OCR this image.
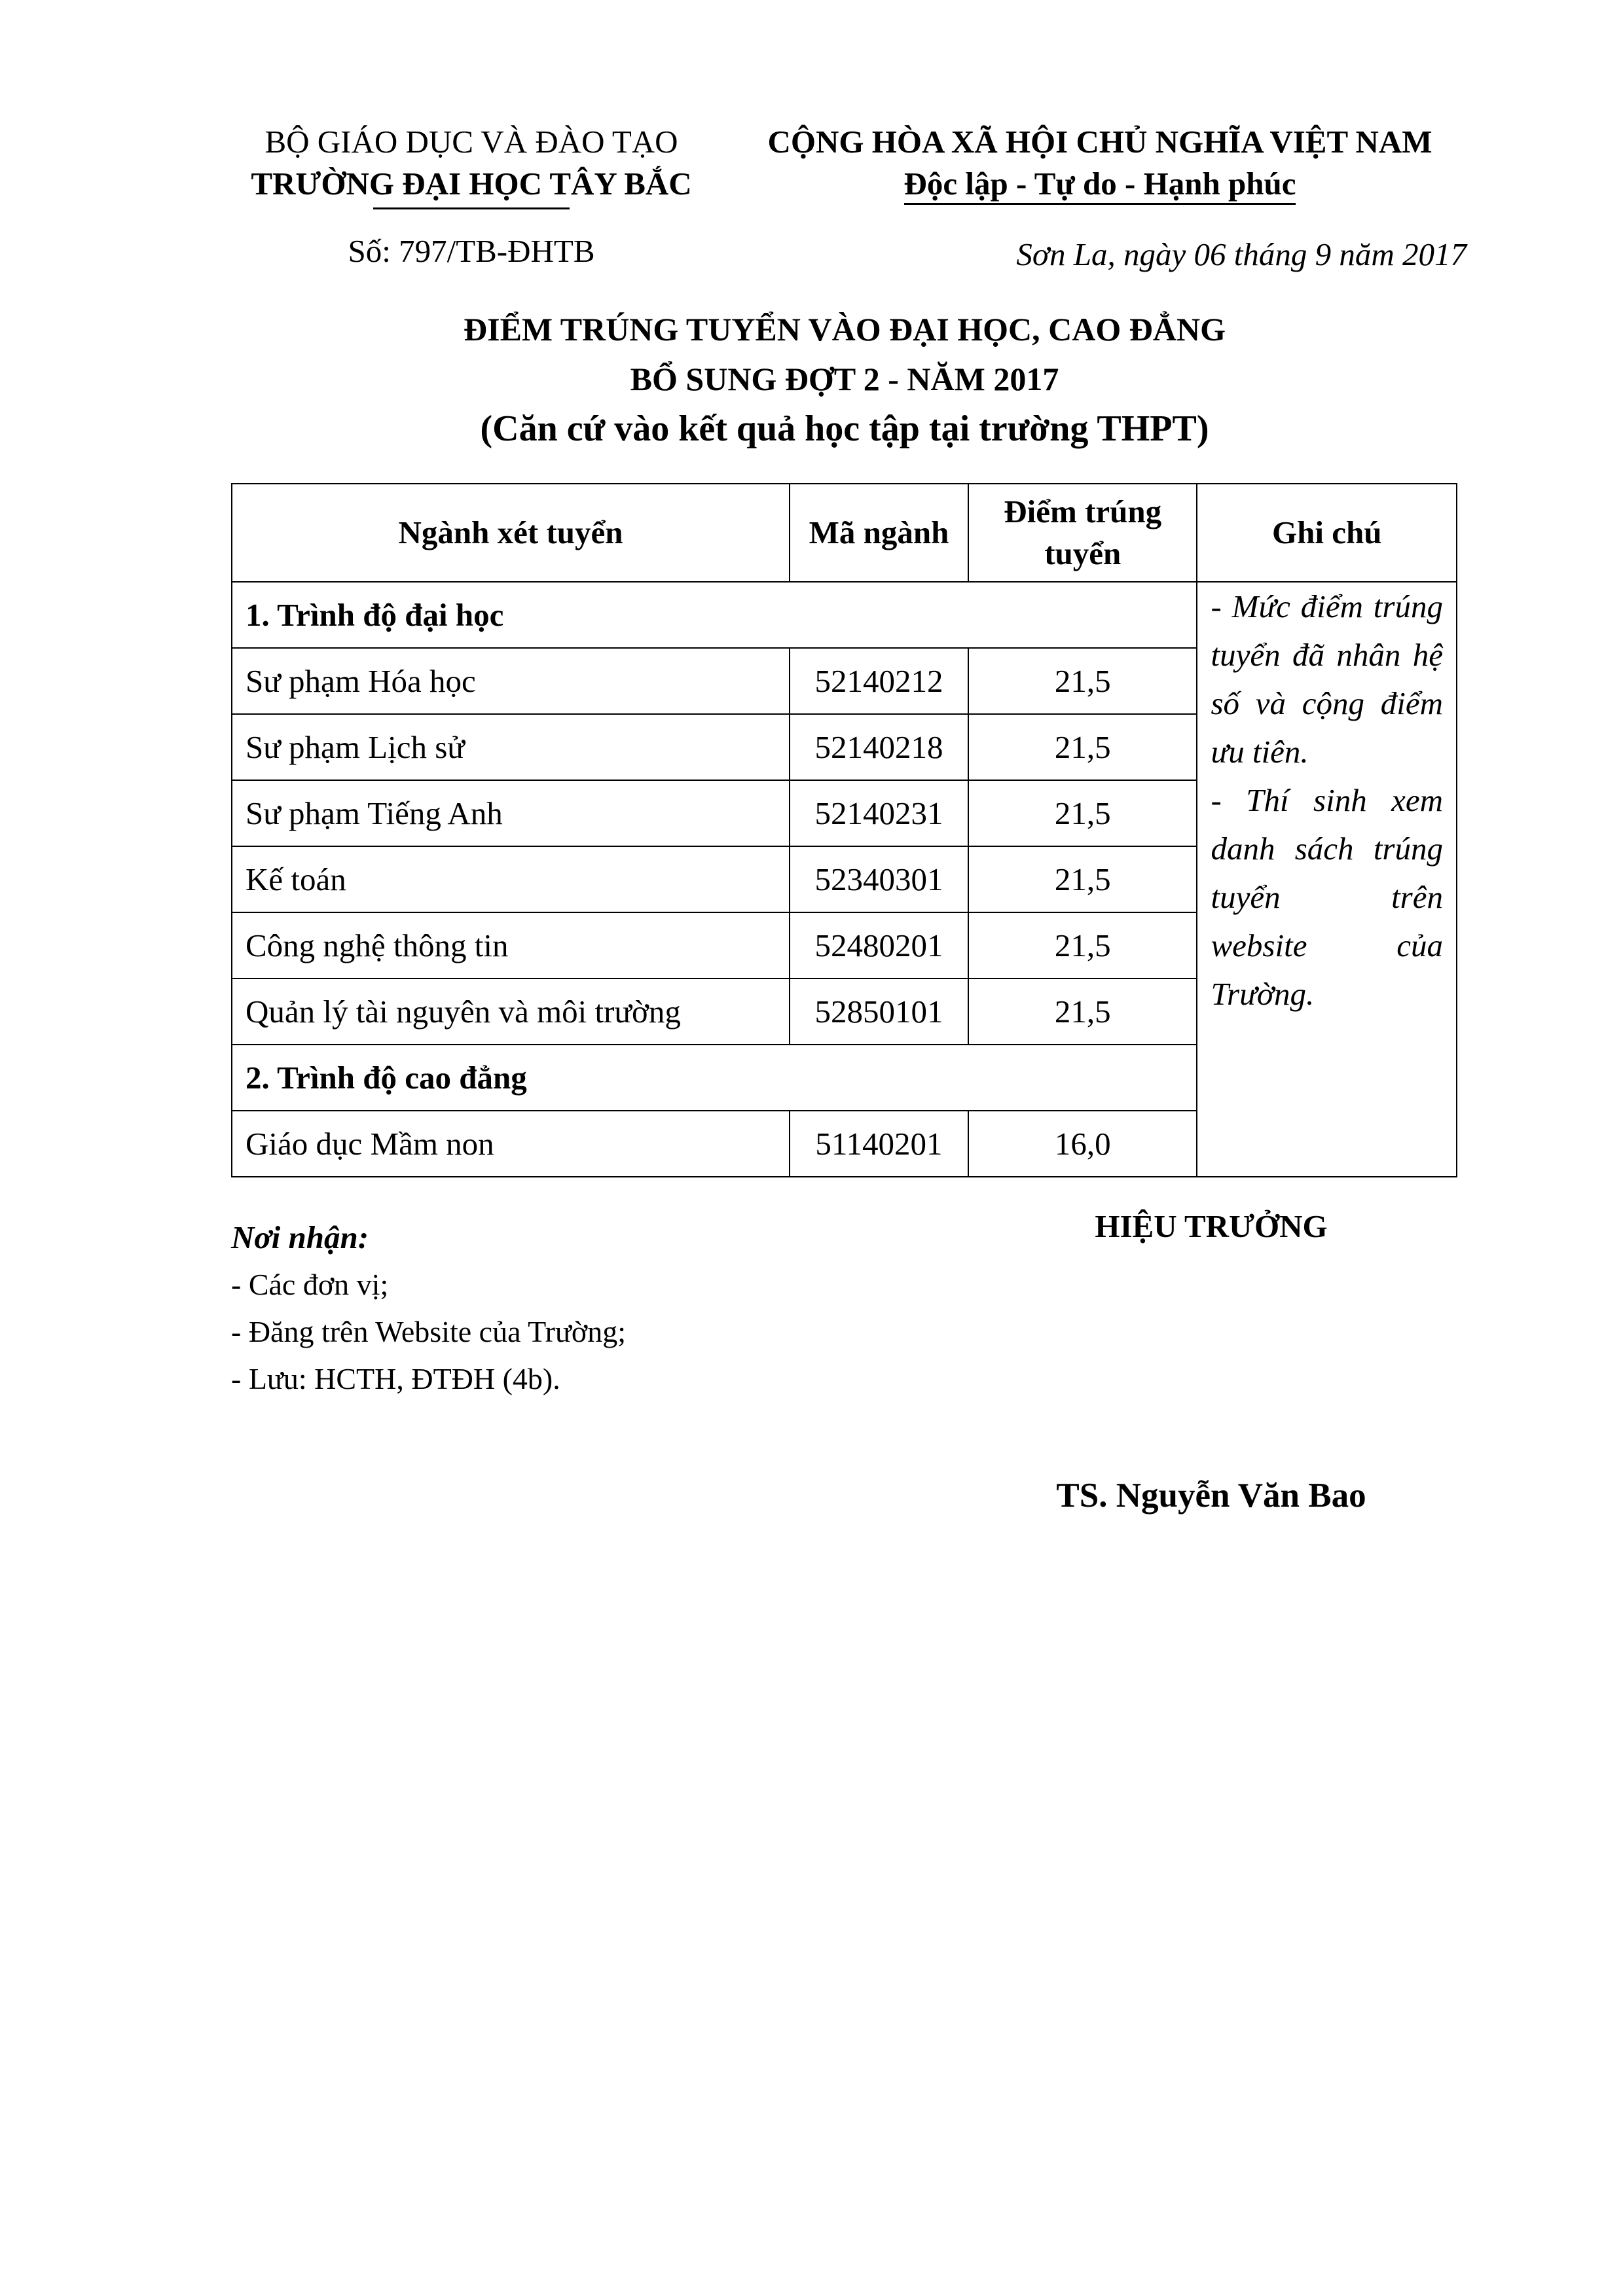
BỘ GIÁO DỤC VÀ ĐÀO TẠO
TRƯỜNG ĐẠI HỌC TÂY BẮC
CỘNG HÒA XÃ HỘI CHỦ NGHĨA VIỆT NAM
Độc lập - Tự do - Hạnh phúc
Số: 797/TB-ĐHTB	Sơn La, ngày 06 tháng 9 năm 2017
ĐIỂM TRÚNG TUYỂN VÀO ĐẠI HỌC, CAO ĐẲNG
BỔ SUNG ĐỢT 2 - NĂM 2017
(Căn cứ vào kết quả học tập tại trường THPT)
Ngành xét tuyển	Mã ngành	Điểm trúng tuyển	Ghi chú
1. Trình độ đại học			- Mức điểm trúng tuyển đã nhân hệ số và cộng điểm ưu tiên.
- Thí sinh xem danh sách trúng tuyển trên website của Trường.

Sư phạm Hóa học	52140212	21,5	
Sư phạm Lịch sử	52140218	21,5	
Sư phạm Tiếng Anh	52140231	21,5	
Kế toán	52340301	21,5	
Công nghệ thông tin	52480201	21,5	
Quản lý tài nguyên và môi trường	52850101	21,5	
2. Trình độ cao đẳng			
Giáo dục Mầm non	51140201	16,0	
Nơi nhận:
- Các đơn vị;
- Đăng trên Website của Trường;
- Lưu: HCTH, ĐTĐH (4b).
HIỆU TRƯỞNG
TS. Nguyễn Văn Bao
